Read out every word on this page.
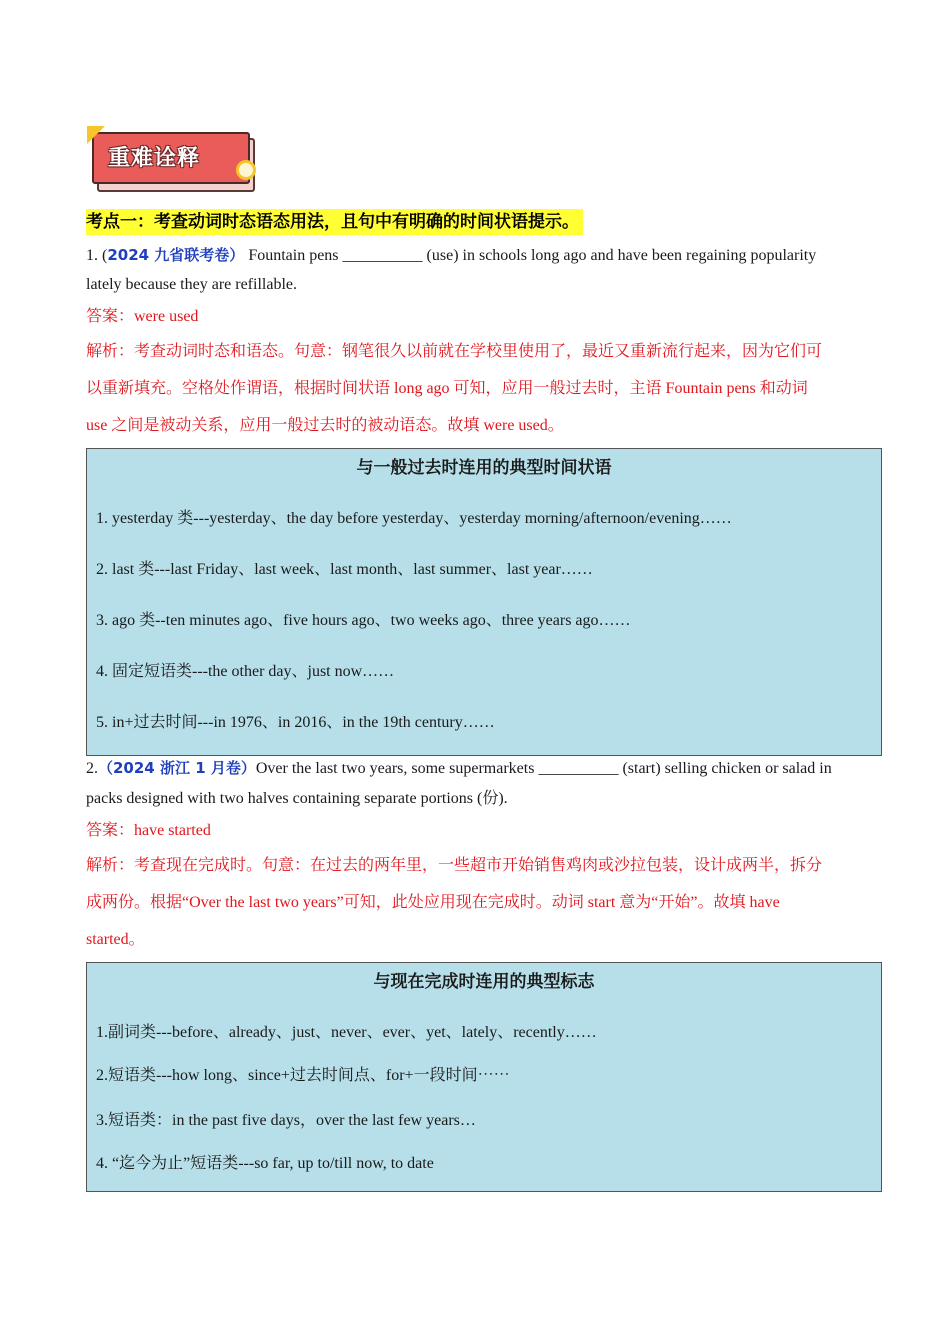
重难诠释
考点一：考查动词时态语态用法，且句中有明确的时间状语提示。
1. (2024 九省联考卷） Fountain pens __________ (use) in schools long ago and have been regaining popularity
lately because they are refillable.
答案：were used
解析：考查动词时态和语态。句意：钢笔很久以前就在学校里使用了，最近又重新流行起来，因为它们可
以重新填充。空格处作谓语，根据时间状语 long ago 可知，应用一般过去时，主语 Fountain pens 和动词
use 之间是被动关系，应用一般过去时的被动语态。故填 were used。
与一般过去时连用的典型时间状语
1. yesterday 类---yesterday、the day before yesterday、yesterday morning/afternoon/evening……
2. last 类---last Friday、last week、last month、last summer、last year……
3. ago 类--ten minutes ago、five hours ago、two weeks ago、three years ago……
4. 固定短语类---the other day、just now……
5. in+过去时间---in 1976、in 2016、in the 19th century……
2.（2024 浙江 1 月卷）Over the last two years, some supermarkets __________ (start) selling chicken or salad in
packs designed with two halves containing separate portions (份).
答案：have started
解析：考查现在完成时。句意：在过去的两年里，一些超市开始销售鸡肉或沙拉包装，设计成两半，拆分
成两份。根据“Over the last two years”可知，此处应用现在完成时。动词 start 意为“开始”。故填 have
started。
与现在完成时连用的典型标志
1.副词类---before、already、just、never、ever、yet、lately、recently……
2.短语类---how long、since+过去时间点、for+一段时间⋯⋯
3.短语类：in the past five days，over the last few years…
4. “迄今为止”短语类---so far, up to/till now, to date
